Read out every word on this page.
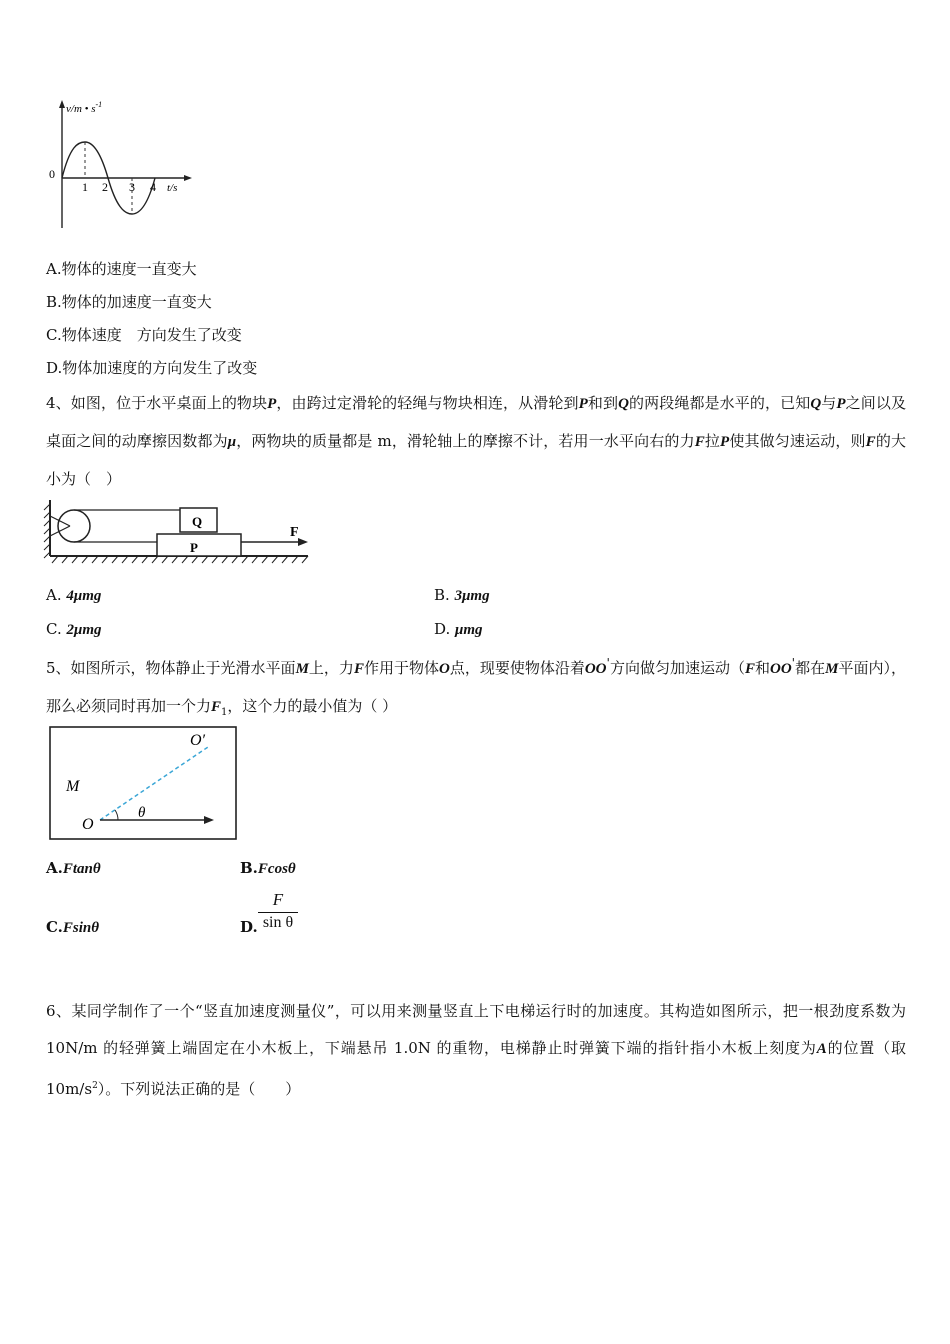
v/m • $s^{-1}$
0
1 2 3 4 t/s
A.物体的速度一直变大
B.物体的加速度一直变大
C.物体速度　方向发生了改变
D.物体加速度的方向发生了改变
4、如图，位于水平桌面上的物块P，由跨过定滑轮的轻绳与物块相连，从滑轮到P和到Q的两段绳都是水平的，已知Q与P之间以及桌面之间的动摩擦因数都为μ，两物块的质量都是 m，滑轮轴上的摩擦不计，若用一水平向右的力F拉P使其做匀速运动，则F的大小为（　）
Q
P
F
A. 4μmg	B. 3μmg
C. 2μmg	D. μmg
5、如图所示，物体静止于光滑水平面M上，力F作用于物体O点，现要使物体沿着OO'方向做匀加速运动（F和OO'都在M平面内），那么必须同时再加一个力$F_1$，这个力的最小值为（ ）
M
O
O′
θ
A.Ftanθ	B.Fcosθ
C.Fsinθ	D. $\frac{F}{\text{sin θ}}$
6、某同学制作了一个“竖直加速度测量仪”，可以用来测量竖直上下电梯运行时的加速度。其构造如图所示，把一根劲度系数为 10N/m 的轻弹簧上端固定在小木板上，下端悬吊 1.0N 的重物，电梯静止时弹簧下端的指针指小木板上刻度为A的位置（取 $10m/s^2$）。下列说法正确的是（　　）
